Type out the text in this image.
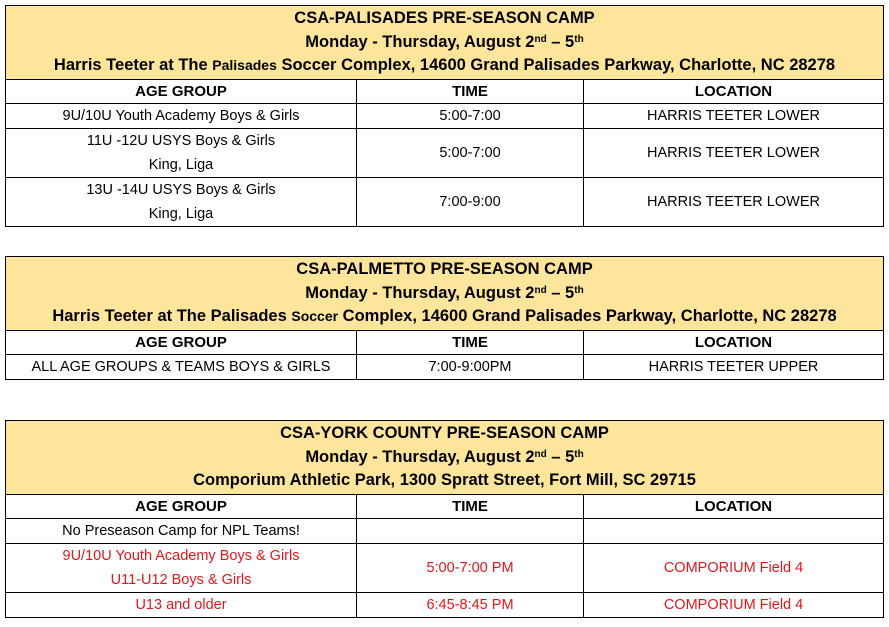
CSA-PALISADES PRE-SEASON CAMP
Monday - Thursday, August 2nd – 5th
Harris Teeter at The Palisades Soccer Complex, 14600 Grand Palisades Parkway, Charlotte, NC 28278		

AGE GROUP	TIME	LOCATION
9U/10U Youth Academy Boys & Girls	5:00-7:00	HARRIS TEETER LOWER

11U -12U USYS Boys & Girls
King, Liga	5:00-7:00	HARRIS TEETER LOWER

13U -14U USYS Boys & Girls
King, Liga	7:00-9:00	HARRIS TEETER LOWER
CSA-PALMETTO PRE-SEASON CAMP
Monday - Thursday, August 2nd – 5th
Harris Teeter at The Palisades Soccer Complex, 14600 Grand Palisades Parkway, Charlotte, NC 28278		

AGE GROUP	TIME	LOCATION
ALL AGE GROUPS & TEAMS BOYS & GIRLS	7:00-9:00PM	HARRIS TEETER UPPER
CSA-YORK COUNTY PRE-SEASON CAMP
Monday - Thursday, August 2nd – 5th
Comporium Athletic Park, 1300 Spratt Street, Fort Mill, SC 29715		

AGE GROUP	TIME	LOCATION
No Preseason Camp for NPL Teams!		

9U/10U Youth Academy Boys & Girls
U11-U12 Boys & Girls	5:00-7:00 PM	COMPORIUM Field 4
U13 and older	6:45-8:45 PM	COMPORIUM Field 4
